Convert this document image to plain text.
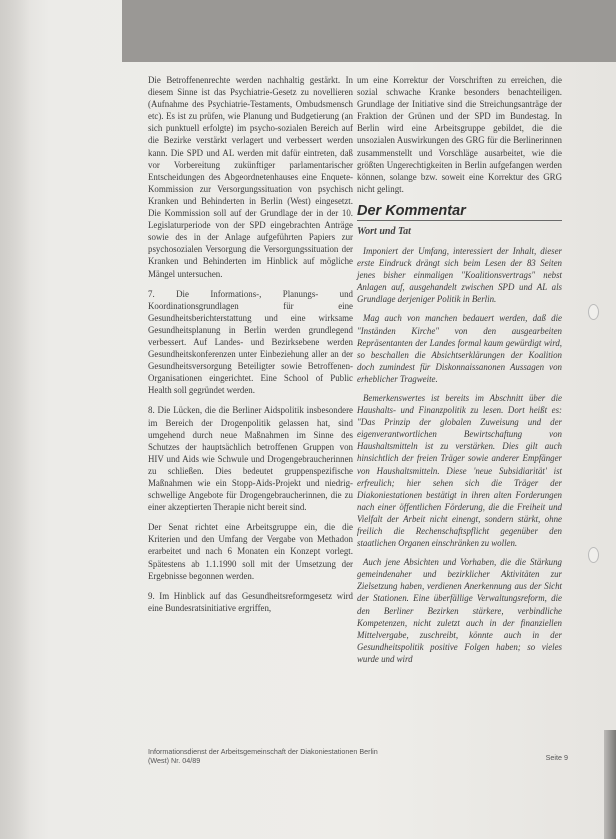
Die Betroffenenrechte werden nachhaltig gestärkt. In diesem Sinne ist das Psychiatrie-Gesetz zu novellieren (Aufnahme des Psychiatrie-Testaments, Ombudsmensch etc). Es ist zu prüfen, wie Planung und Budgetierung (an sich punktuell erfolgte) im psycho-sozialen Bereich auf die Bezirke verstärkt verlagert und verbessert werden kann. Die SPD und AL werden mit dafür eintreten, daß vor Vorbereitung zukünftiger parlamentarischer Entscheidungen des Abgeordnetenhauses eine Enquete-Kommission zur Versorgungssituation von psychisch Kranken und Behinderten in Berlin (West) eingesetzt. Die Kommission soll auf der Grundlage der in der 10. Legislaturperiode von der SPD eingebrachten Anträge sowie des in der Anlage aufgeführten Papiers zur psychosozialen Versorgung die Versorgungssituation der Kranken und Behinderten im Hinblick auf mögliche Mängel untersuchen.

7. Die Informations-, Planungs- und Koordinationsgrundlagen für eine Gesundheitsberichterstattung und eine wirksame Gesundheitsplanung in Berlin werden grundlegend verbessert. Auf Landes- und Bezirksebene werden Gesundheitskonferenzen unter Einbeziehung aller an der Gesundheitsversorgung Beteiligter sowie Betroffenen-Organisationen eingerichtet. Eine School of Public Health soll gegründet werden.

8. Die Lücken, die die Berliner Aidspolitik insbesondere im Bereich der Drogenpolitik gelassen hat, sind umgehend durch neue Maßnahmen im Sinne des Schutzes der hauptsächlich betroffenen Gruppen von HIV und Aids wie Schwule und Drogengebraucherinnen zu schließen. Dies bedeutet gruppenspezifische Maßnahmen wie ein Stopp-Aids-Projekt und niedrig-schwellige Angebote für Drogengebraucherinnen, die zu einer akzeptierten Therapie nicht bereit sind.

Der Senat richtet eine Arbeitsgruppe ein, die die Kriterien und den Umfang der Vergabe von Methadon erarbeitet und nach 6 Monaten ein Konzept vorlegt. Spätestens ab 1.1.1990 soll mit der Umsetzung der Ergebnisse begonnen werden.

9. Im Hinblick auf das Gesundheitsreformgesetz wird eine Bundesratsinitiative ergriffen,

um eine Korrektur der Vorschriften zu erreichen, die sozial schwache Kranke besonders benachteiligen. Grundlage der Initiative sind die Streichungsanträge der Fraktion der Grünen und der SPD im Bundestag. In Berlin wird eine Arbeitsgruppe gebildet, die die unsozialen Auswirkungen des GRG für die Berlinerinnen zusammenstellt und Vorschläge ausarbeitet, wie die größten Ungerechtigkeiten in Berlin aufgefangen werden können, solange bzw. soweit eine Korrektur des GRG nicht gelingt.

Der Kommentar
Wort und Tat

Imponiert der Umfang, interessiert der Inhalt, dieser erste Eindruck drängt sich beim Lesen der 83 Seiten jenes bisher einmaligen "Koalitionsvertrags" nebst Anlagen auf, ausgehandelt zwischen SPD und AL als Grundlage derjeniger Politik in Berlin.

Mag auch von manchen bedauert werden, daß die "Inständen Kirche" von den ausgearbeiten Repräsentanten der Landes formal kaum gewürdigt wird, so beschallen die Absichtserklärungen der Koalition doch zumindest für Diskonnaissanonen Aussagen von erheblicher Tragweite.

Bemerkenswertes ist bereits im Abschnitt über die Haushalts- und Finanzpolitik zu lesen. Dort heißt es: "Das Prinzip der globalen Zuweisung und der eigenverantwortlichen Bewirtschaftung von Haushaltsmitteln ist zu verstärken. Dies gilt auch hinsichtlich der freien Träger sowie anderer Empfänger von Haushaltsmitteln. Diese 'neue Subsidiarität' ist erfreulich; hier sehen sich die Träger der Diakoniestationen bestätigt in ihren alten Forderungen nach einer öffentlichen Förderung, die die Freiheit und Vielfalt der Arbeit nicht einengt, sondern stärkt, ohne freilich die Rechenschaftspflicht gegenüber den staatlichen Organen einschränken zu wollen.

Auch jene Absichten und Vorhaben, die die Stärkung gemeindenaher und bezirklicher Aktivitäten zur Zielsetzung haben, verdienen Anerkennung aus der Sicht der Stationen. Eine überfällige Verwaltungsreform, die den Berliner Bezirken stärkere, verbindliche Kompetenzen, nicht zuletzt auch in der finanziellen Mittelvergabe, zuschreibt, könnte auch in der Gesundheitspolitik positive Folgen haben; so vieles wurde und wird

Informationsdienst der Arbeitsgemeinschaft der Diakoniestationen Berlin (West) Nr. 04/89	Seite 9
